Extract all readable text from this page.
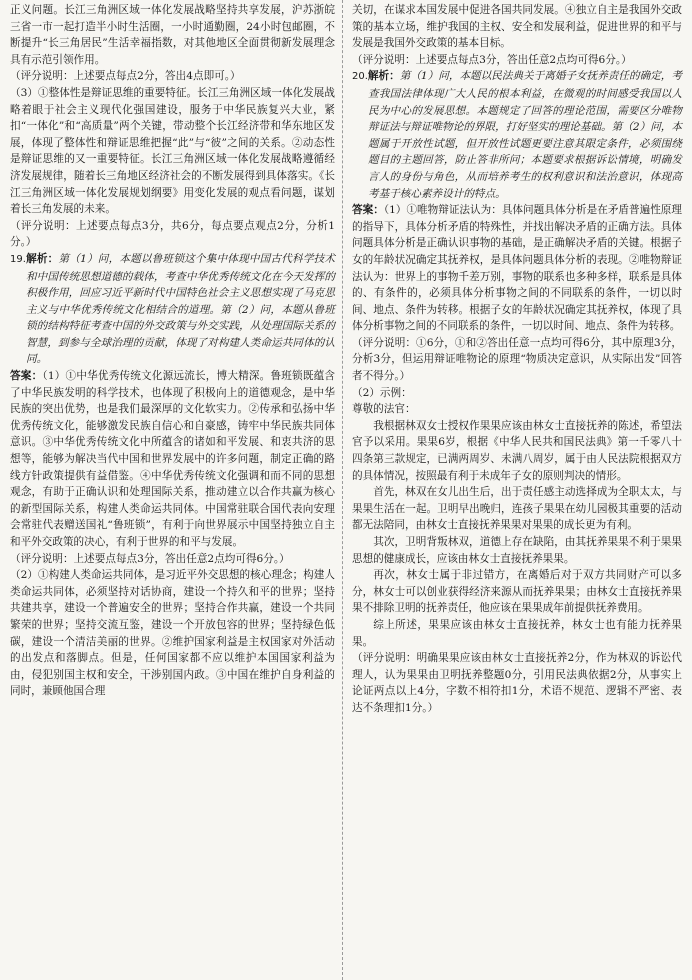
正义问题。长江三角洲区域一体化发展战略坚持共享发展，沪苏浙皖三省一市一起打造半小时生活圈，一小时通勤圈，24小时包邮圈，不断提升“长三角居民”生活幸福指数，对其他地区全面贯彻新发展理念具有示范引领作用。

（评分说明：上述要点每点2分，答出4点即可。）

（3）①整体性是辩证思维的重要特征。长江三角洲区域一体化发展战略着眼于社会主义现代化强国建设，服务于中华民族复兴大业，紧扣“一体化”和“高质量”两个关键，带动整个长江经济带和华东地区发展，体现了整体性和辩证思维把握“此”与“彼”之间的关系。②动态性是辩证思维的又一重要特征。长江三角洲区域一体化发展战略遵循经济发展规律，随着长三角地区经济社会的不断发展得到具体落实。《长江三角洲区域一体化发展规划纲要》用变化发展的观点看问题，谋划着长三角发展的未来。

（评分说明：上述要点每点3分，共6分，每点要点观点2分，分析1分。）

19.解析：第（1）问，本题以鲁班锁这个集中体现中国古代科学技术和中国传统思想道德的载体，考查中华优秀传统文化在今天发挥的积极作用，回应习近平新时代中国特色社会主义思想实现了马克思主义与中华优秀传统文化相结合的道理。第（2）问，本题从鲁班锁的结构特征考查中国的外交政策与外交实践，从处理国际关系的智慧，到参与全球治理的贡献，体现了对构建人类命运共同体的认同。

答案：（1）①中华优秀传统文化源远流长，博大精深。鲁班锁既蕴含了中华民族发明的科学技术，也体现了积极向上的道德观念，是中华民族的突出优势，也是我们最深厚的文化软实力。②传承和弘扬中华优秀传统文化，能够激发民族自信心和自豪感，铸牢中华民族共同体意识。③中华优秀传统文化中所蕴含的诸如和平发展、和衷共济的思想等，能够为解决当代中国和世界发展中的许多问题，制定正确的路线方针政策提供有益借鉴。④中华优秀传统文化强调和而不同的思想观念，有助于正确认识和处理国际关系，推动建立以合作共赢为核心的新型国际关系，构建人类命运共同体。中国常驻联合国代表向安理会常驻代表赠送国礼“鲁班锁”，有利于向世界展示中国坚持独立自主和平外交政策的决心，有利于世界的和平与发展。

（评分说明：上述要点每点3分，答出任意2点均可得6分。）

（2）①构建人类命运共同体，是习近平外交思想的核心理念；构建人类命运共同体，必须坚持对话协商，建设一个持久和平的世界；坚持共建共享，建设一个普遍安全的世界；坚持合作共赢，建设一个共同繁荣的世界；坚持交流互鉴，建设一个开放包容的世界；坚持绿色低碳，建设一个清洁美丽的世界。②维护国家利益是主权国家对外活动的出发点和落脚点。但是，任何国家都不应以维护本国国家利益为由，侵犯别国主权和安全，干涉别国内政。③中国在维护自身利益的同时，兼顾他国合理

关切，在谋求本国发展中促进各国共同发展。④独立自主是我国外交政策的基本立场，维护我国的主权、安全和发展利益，促进世界的和平与发展是我国外交政策的基本目标。

（评分说明：上述要点每点3分，答出任意2点均可得6分。）

20.解析：第（1）问，本题以民法典关于离婚子女抚养责任的确定，考查我国法律体现广大人民的根本利益，在微观的时间感受我国以人民为中心的发展思想。本题规定了回答的理论范围，需要区分唯物辩证法与辩证唯物论的界限，打好坚实的理论基础。第（2）问，本题属于开放性试题，但开放性试题更要注意其限定条件，必须围绕题目的主题回答，防止答非所问；本题要求根据诉讼情境，明确发言人的身份与角色，从而培养考生的权利意识和法治意识，体现高考基于核心素养设计的特点。

答案：（1）①唯物辩证法认为：具体问题具体分析是在矛盾普遍性原理的指导下，具体分析矛盾的特殊性，并找出解决矛盾的正确方法。具体问题具体分析是正确认识事物的基础，是正确解决矛盾的关键。根据子女的年龄状况确定其抚养权，是具体问题具体分析的表现。②唯物辩证法认为：世界上的事物千差万别，事物的联系也多种多样，联系是具体的、有条件的，必须具体分析事物之间的不同联系的条件，一切以时间、地点、条件为转移。根据子女的年龄状况确定其抚养权，体现了具体分析事物之间的不同联系的条件，一切以时间、地点、条件为转移。

（评分说明：①6分，①和②答出任意一点均可得6分，其中原理3分，分析3分，但运用辩证唯物论的原理“物质决定意识，从实际出发”回答者不得分。）

（2）示例：

尊敬的法官：

我根据林双女士授权作果果应该由林女士直接抚养的陈述，希望法官予以采用。果果6岁，根据《中华人民共和国民法典》第一千零八十四条第三款规定，已满两周岁、未满八周岁，属于由人民法院根据双方的具体情况，按照最有利于未成年子女的原则判决的情形。

首先，林双在女儿出生后，出于责任感主动选择成为全职太太，与果果生活在一起。卫明早出晚归，连孩子果果在幼儿园极其重要的活动都无法陪同，由林女士直接抚养果果对果果的成长更为有利。

其次，卫明背叛林双，道德上存在缺陷，由其抚养果果不利于果果思想的健康成长，应该由林女士直接抚养果果。

再次，林女士属于非过错方，在离婚后对于双方共同财产可以多分，林女士可以创业获得经济来源从而抚养果果；由林女士直接抚养果果不排除卫明的抚养责任，他应该在果果成年前提供抚养费用。

综上所述，果果应该由林女士直接抚养，林女士也有能力抚养果果。

（评分说明：明确果果应该由林女士直接抚养2分，作为林双的诉讼代理人，认为果果由卫明抚养整题0分，引用民法典依据2分，从事实上论证两点以上4分，字数不相符扣1分，术语不规范、逻辑不严密、表达不条理扣1分。）
